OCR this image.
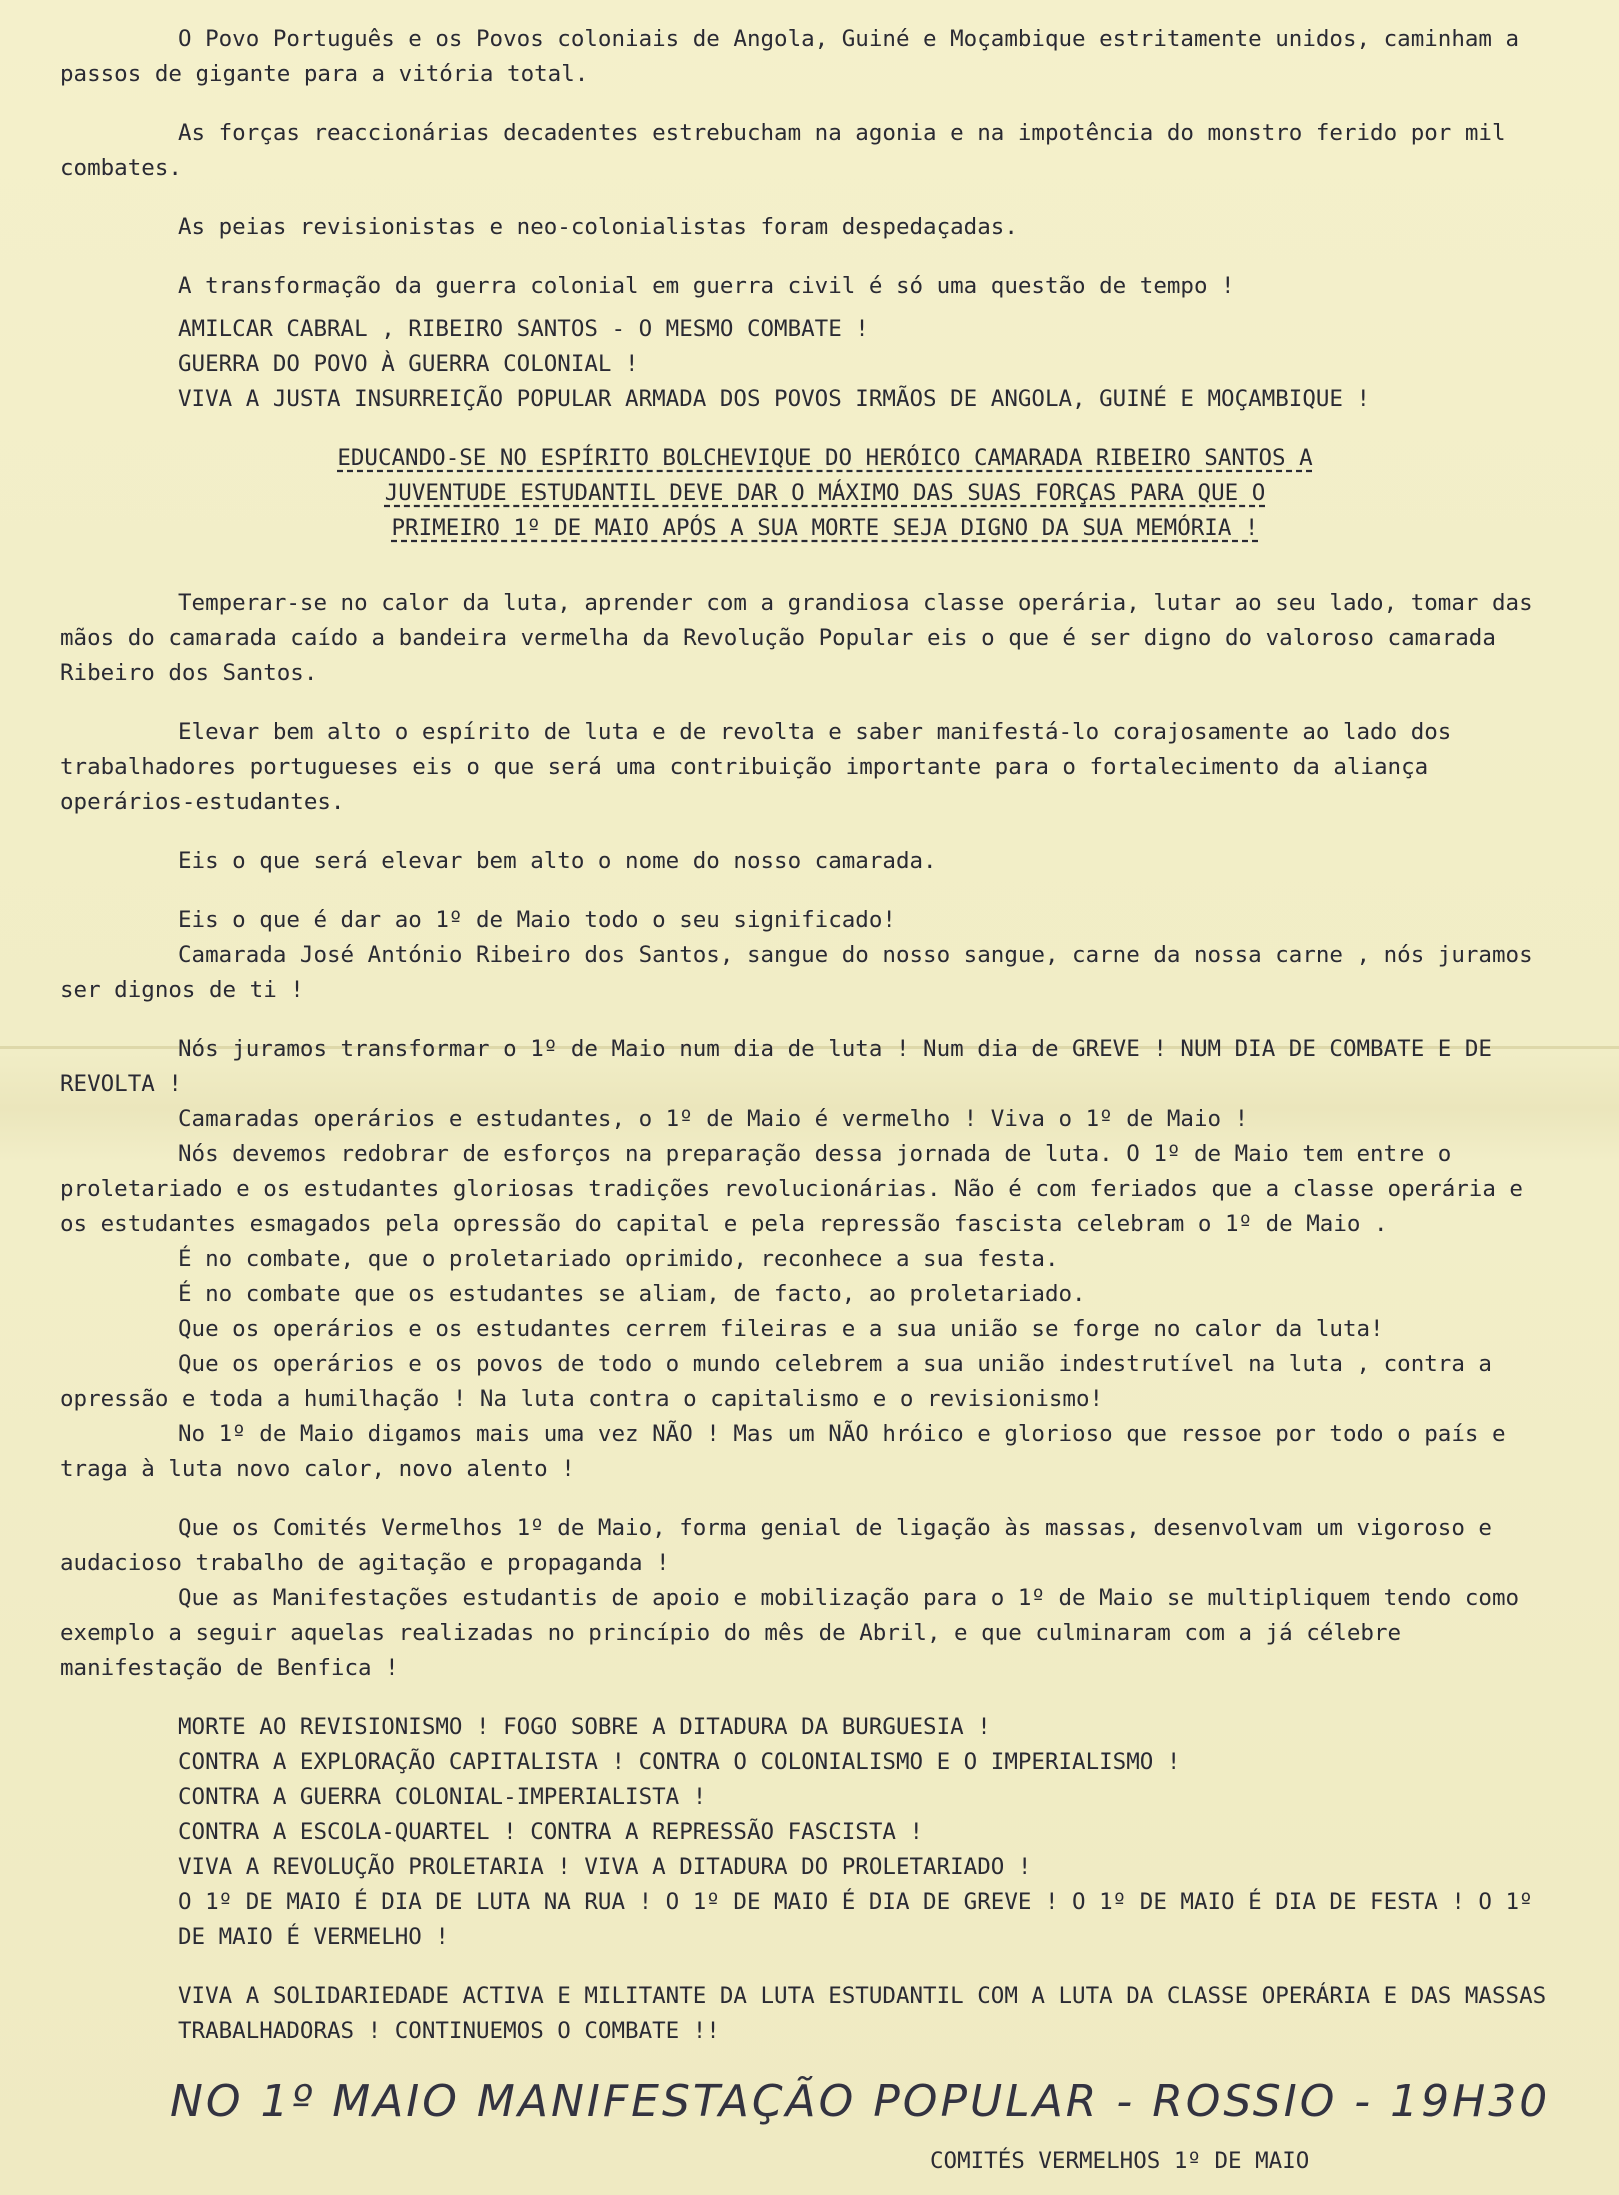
O Povo Português e os Povos coloniais de Angola, Guiné e Moçambique estritamente unidos, caminham a passos de gigante para a vitória total.

As forças reaccionárias decadentes estrebucham na agonia e na impotência do monstro ferido por mil combates.

As peias revisionistas e neo-colonialistas foram despedaçadas.

A transformação da guerra colonial em guerra civil é só uma questão de tempo !

AMILCAR CABRAL , RIBEIRO SANTOS - O MESMO COMBATE !
GUERRA DO POVO À GUERRA COLONIAL !
VIVA A JUSTA INSURREIÇÃO POPULAR ARMADA DOS POVOS IRMÃOS DE ANGOLA, GUINÉ E MOÇAMBIQUE !
EDUCANDO-SE NO ESPÍRITO BOLCHEVIQUE DO HERÓICO CAMARADA RIBEIRO SANTOS A JUVENTUDE ESTUDANTIL DEVE DAR O MÁXIMO DAS SUAS FORÇAS PARA QUE O PRIMEIRO 1º DE MAIO APÓS A SUA MORTE SEJA DIGNO DA SUA MEMÓRIA !

Temperar-se no calor da luta, aprender com a grandiosa classe operária, lutar ao seu lado, tomar das mãos do camarada caído a bandeira vermelha da Revolução Popular eis o que é ser digno do valoroso camarada Ribeiro dos Santos.

Elevar bem alto o espírito de luta e de revolta e saber manifestá-lo corajosamente ao lado dos trabalhadores portugueses eis o que será uma contribuição importante para o fortalecimento da aliança operários-estudantes.

Eis o que será elevar bem alto o nome do nosso camarada.

Eis o que é dar ao 1º de Maio todo o seu significado!

Camarada José António Ribeiro dos Santos, sangue do nosso sangue, carne da nossa carne , nós juramos ser dignos de ti !

Nós juramos transformar o 1º de Maio num dia de luta ! Num dia de GREVE ! NUM DIA DE COMBATE E DE REVOLTA !

Camaradas operários e estudantes, o 1º de Maio é vermelho ! Viva o 1º de Maio !

Nós devemos redobrar de esforços na preparação dessa jornada de luta. O 1º de Maio tem entre o proletariado e os estudantes gloriosas tradições revolucionárias. Não é com feriados que a classe operária e os estudantes esmagados pela opressão do capital e pela repressão fascista celebram o 1º de Maio .

É no combate, que o proletariado oprimido, reconhece a sua festa.

É no combate que os estudantes se aliam, de facto, ao proletariado.

Que os operários e os estudantes cerrem fileiras e a sua união se forge no calor da luta!

Que os operários e os povos de todo o mundo celebrem a sua união indestrutível na luta , contra a opressão e toda a humilhação ! Na luta contra o capitalismo e o revisionismo!

No 1º de Maio digamos mais uma vez NÃO ! Mas um NÃO hróico e glorioso que ressoe por todo o país e traga à luta novo calor, novo alento !

Que os Comités Vermelhos 1º de Maio, forma genial de ligação às massas, desenvolvam um vigoroso e audacioso trabalho de agitação e propaganda !

Que as Manifestações estudantis de apoio e mobilização para o 1º de Maio se multipliquem tendo como exemplo a seguir aquelas realizadas no princípio do mês de Abril, e que culminaram com a já célebre manifestação de Benfica !

MORTE AO REVISIONISMO ! FOGO SOBRE A DITADURA DA BURGUESIA !
CONTRA A EXPLORAÇÃO CAPITALISTA ! CONTRA O COLONIALISMO E O IMPERIALISMO !
CONTRA A GUERRA COLONIAL-IMPERIALISTA !
CONTRA A ESCOLA-QUARTEL ! CONTRA A REPRESSÃO FASCISTA !
VIVA A REVOLUÇÃO PROLETARIA ! VIVA A DITADURA DO PROLETARIADO !
O 1º DE MAIO É DIA DE LUTA NA RUA ! O 1º DE MAIO É DIA DE GREVE ! O 1º DE MAIO É DIA DE FESTA ! O 1º DE MAIO É VERMELHO !
VIVA A SOLIDARIEDADE ACTIVA E MILITANTE DA LUTA ESTUDANTIL COM A LUTA DA CLASSE OPERÁRIA E DAS MASSAS TRABALHADORAS ! CONTINUEMOS O COMBATE !!
NO 1º MAIO MANIFESTAÇÃO POPULAR - ROSSIO - 19H30
COMITÉS VERMELHOS 1º DE MAIO
